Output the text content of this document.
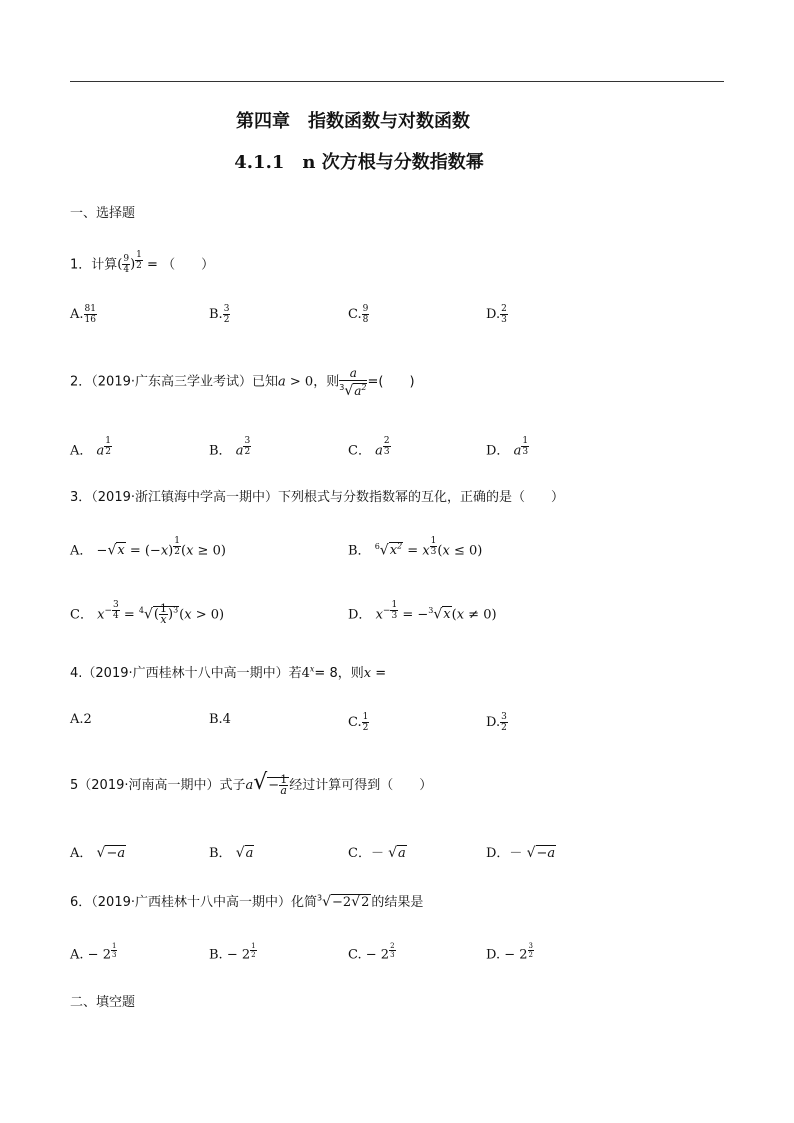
第四章　指数函数与对数函数
4.1.1　n 次方根与分数指数幂
一、选择题
1．计算( $\frac{9}{4}$ ) $^{\frac{1}{2}}$ = （　　）
A. $\frac{81}{16}$	B. $\frac{3}{2}$	C. $\frac{9}{8}$	D. $\frac{2}{3}$
2．（2019·广东高三学业考试）已知a > 0，则 $\frac{a}{^3√a^2}$ =(　　)
A． a $^{\frac{1}{2}}$	B． a $^{\frac{3}{2}}$	C． a $^{\frac{2}{3}}$	D． a $^{\frac{1}{3}}$
3．（2019·浙江镇海中学高一期中）下列根式与分数指数幂的互化，正确的是（　　）
A． −√x = (−x) $^{\frac{1}{2}}$ (x ≥ 0)	B． $^6√x^2 = x$ $^{\frac{1}{3}}$ (x ≤ 0)
C． $x^{- \frac{3}{4}} = ^4√( \frac{1}{x} )^3(x > 0)$	D． $x^{- \frac{1}{3}} = -^3√x(x \ne 0)$
4.（2019·广西桂林十八中高一期中）若$4^x= 8$，则x =
A.2	B.4	C. $\frac{1}{2}$	D. $\frac{3}{2}$
5（2019·河南高一期中）式子$a√- \frac{1}{a}$ 经过计算可得到（　　）
A． √−a	B． √a	C．－ √a	D．－ √−a
6．（2019·广西桂林十八中高一期中）化简$^3$√−2√2 的结果是
A. − 2 $^{\frac{1}{3}}$	B. − 2 $^{\frac{1}{2}}$	C. − 2 $^{\frac{2}{3}}$	D. − 2 $^{\frac{3}{2}}$
二、填空题
